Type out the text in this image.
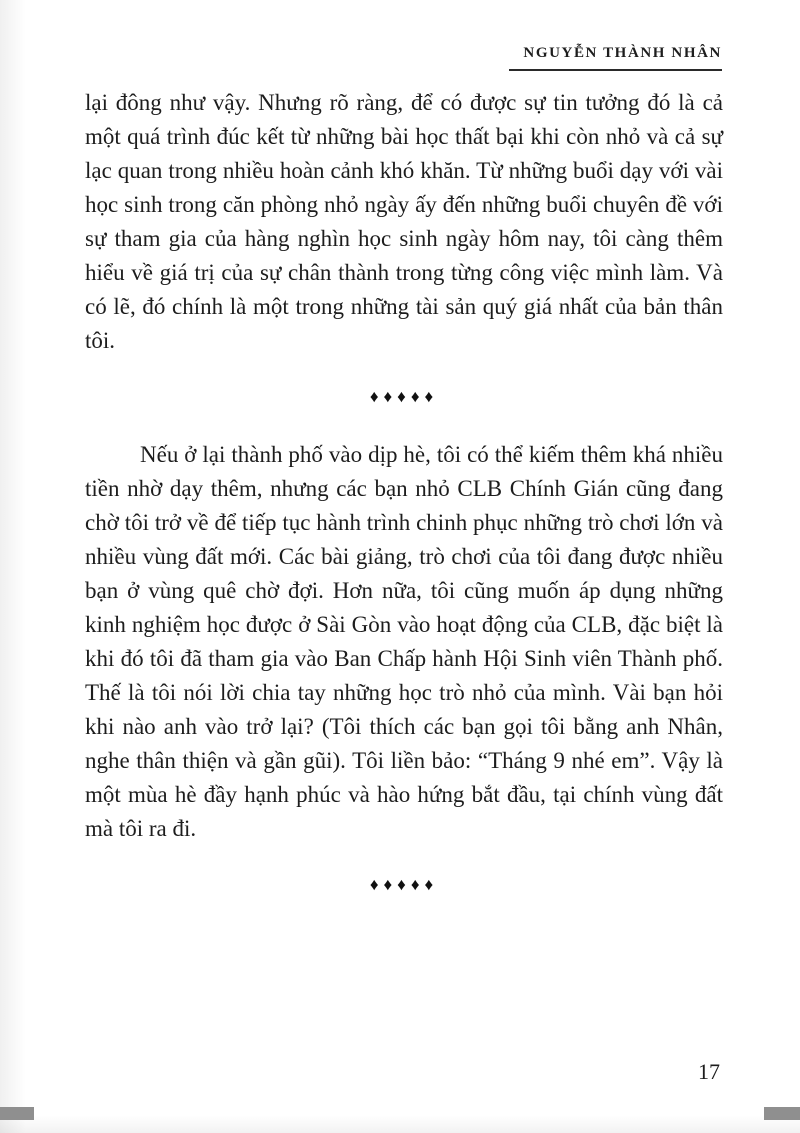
NGUYỄN THÀNH NHÂN

lại đông như vậy. Nhưng rõ ràng, để có được sự tin tưởng đó là cả một quá trình đúc kết từ những bài học thất bại khi còn nhỏ và cả sự lạc quan trong nhiều hoàn cảnh khó khăn. Từ những buổi dạy với vài học sinh trong căn phòng nhỏ ngày ấy đến những buổi chuyên đề với sự tham gia của hàng nghìn học sinh ngày hôm nay, tôi càng thêm hiểu về giá trị của sự chân thành trong từng công việc mình làm. Và có lẽ, đó chính là một trong những tài sản quý giá nhất của bản thân tôi.

♦♦♦♦♦

Nếu ở lại thành phố vào dịp hè, tôi có thể kiếm thêm khá nhiều tiền nhờ dạy thêm, nhưng các bạn nhỏ CLB Chính Gián cũng đang chờ tôi trở về để tiếp tục hành trình chinh phục những trò chơi lớn và nhiều vùng đất mới. Các bài giảng, trò chơi của tôi đang được nhiều bạn ở vùng quê chờ đợi. Hơn nữa, tôi cũng muốn áp dụng những kinh nghiệm học được ở Sài Gòn vào hoạt động của CLB, đặc biệt là khi đó tôi đã tham gia vào Ban Chấp hành Hội Sinh viên Thành phố. Thế là tôi nói lời chia tay những học trò nhỏ của mình. Vài bạn hỏi khi nào anh vào trở lại? (Tôi thích các bạn gọi tôi bằng anh Nhân, nghe thân thiện và gần gũi). Tôi liền bảo: “Tháng 9 nhé em”. Vậy là một mùa hè đầy hạnh phúc và hào hứng bắt đầu, tại chính vùng đất mà tôi ra đi.

♦♦♦♦♦
17
